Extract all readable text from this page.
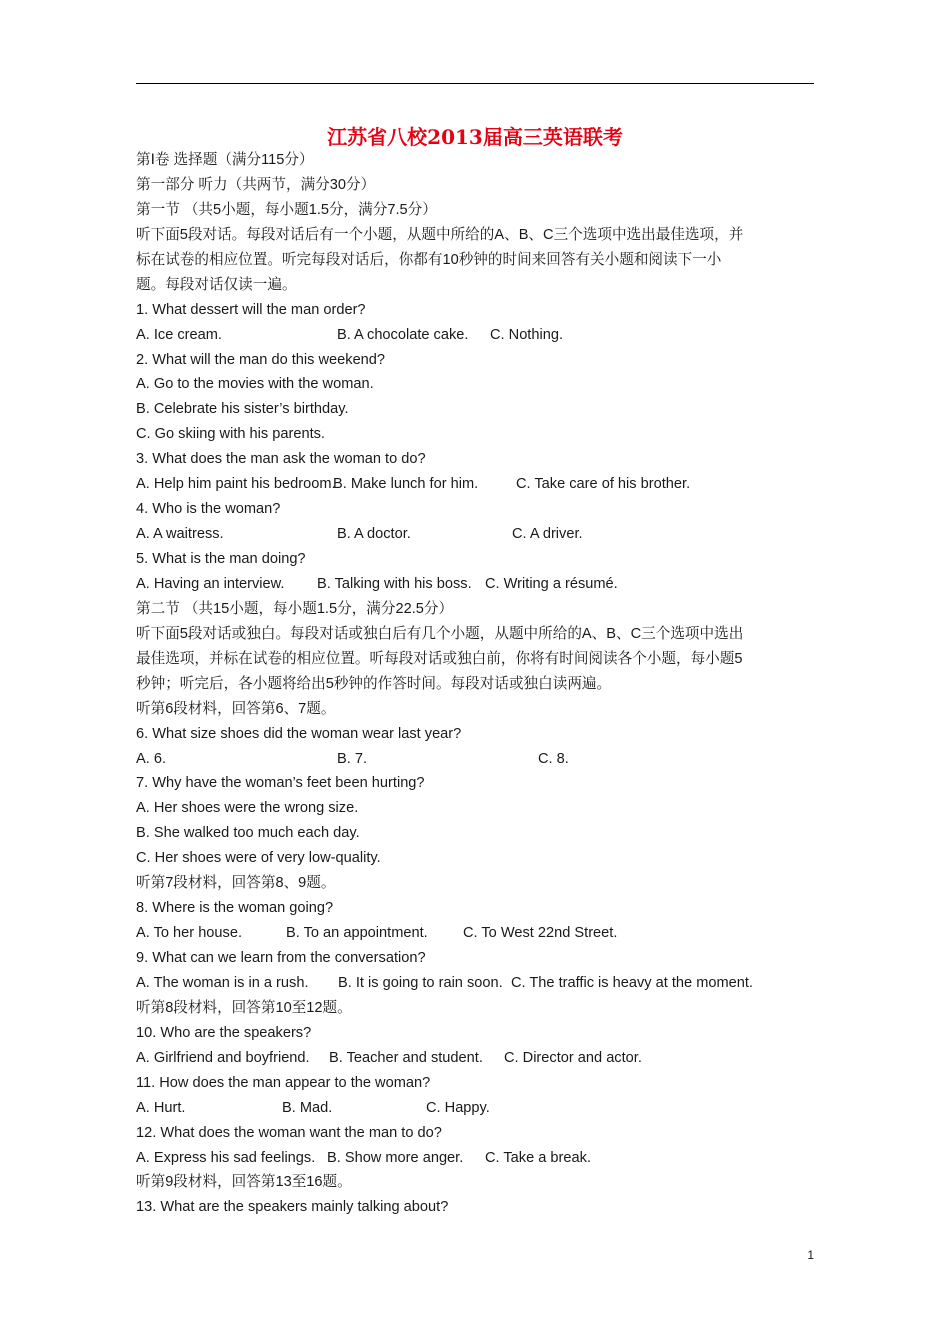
江苏省八校2013届高三英语联考
第Ⅰ卷 选择题（满分115分）
第一部分 听力（共两节，满分30分）
第一节 （共5小题，每小题1.5分，满分7.5分）
听下面5段对话。每段对话后有一个小题，从题中所给的A、B、C三个选项中选出最佳选项，并
标在试卷的相应位置。听完每段对话后，你都有10秒钟的时间来回答有关小题和阅读下一小
题。每段对话仅读一遍。
1. What dessert will the man order?
A. Ice cream.	B. A chocolate cake. C. Nothing.
2. What will the man do this weekend?
A. Go to the movies with the woman.
B. Celebrate his sister’s birthday.
C. Go skiing with his parents.
3. What does the man ask the woman to do?
A. Help him paint his bedroom.
B. Make lunch for him.	C. Take care of his brother.
4. Who is the woman?
A. A waitress.	B. A doctor.	C. A driver.
5. What is the man doing?
A. Having an interview. B. Talking with his boss. C. Writing a résumé.
第二节 （共15小题，每小题1.5分，满分22.5分）
听下面5段对话或独白。每段对话或独白后有几个小题，从题中所给的A、B、C三个选项中选出
最佳选项，并标在试卷的相应位置。听每段对话或独白前，你将有时间阅读各个小题，每小题5
秒钟；听完后，各小题将给出5秒钟的作答时间。每段对话或独白读两遍。
听第6段材料，回答第6、7题。
6. What size shoes did the woman wear last year?
A. 6.	B. 7.	C. 8.
7. Why have the woman’s feet been hurting?
A. Her shoes were the wrong size.
B. She walked too much each day.
C. Her shoes were of very low-quality.
听第7段材料，回答第8、9题。
8. Where is the woman going?
A. To her house.	B. To an appointment. C. To West 22nd Street.
9. What can we learn from the conversation?
A. The woman is in a rush. B. It is going to rain soon. C. The traffic is heavy at the moment.
听第8段材料，回答第10至12题。
10. Who are the speakers?
A. Girlfriend and boyfriend. B. Teacher and student. C. Director and actor.
11. How does the man appear to the woman?
A. Hurt.	B. Mad.	C. Happy.
12. What does the woman want the man to do?
A. Express his sad feelings. B. Show more anger. C. Take a break.
听第9段材料，回答第13至16题。
13. What are the speakers mainly talking about?
1
